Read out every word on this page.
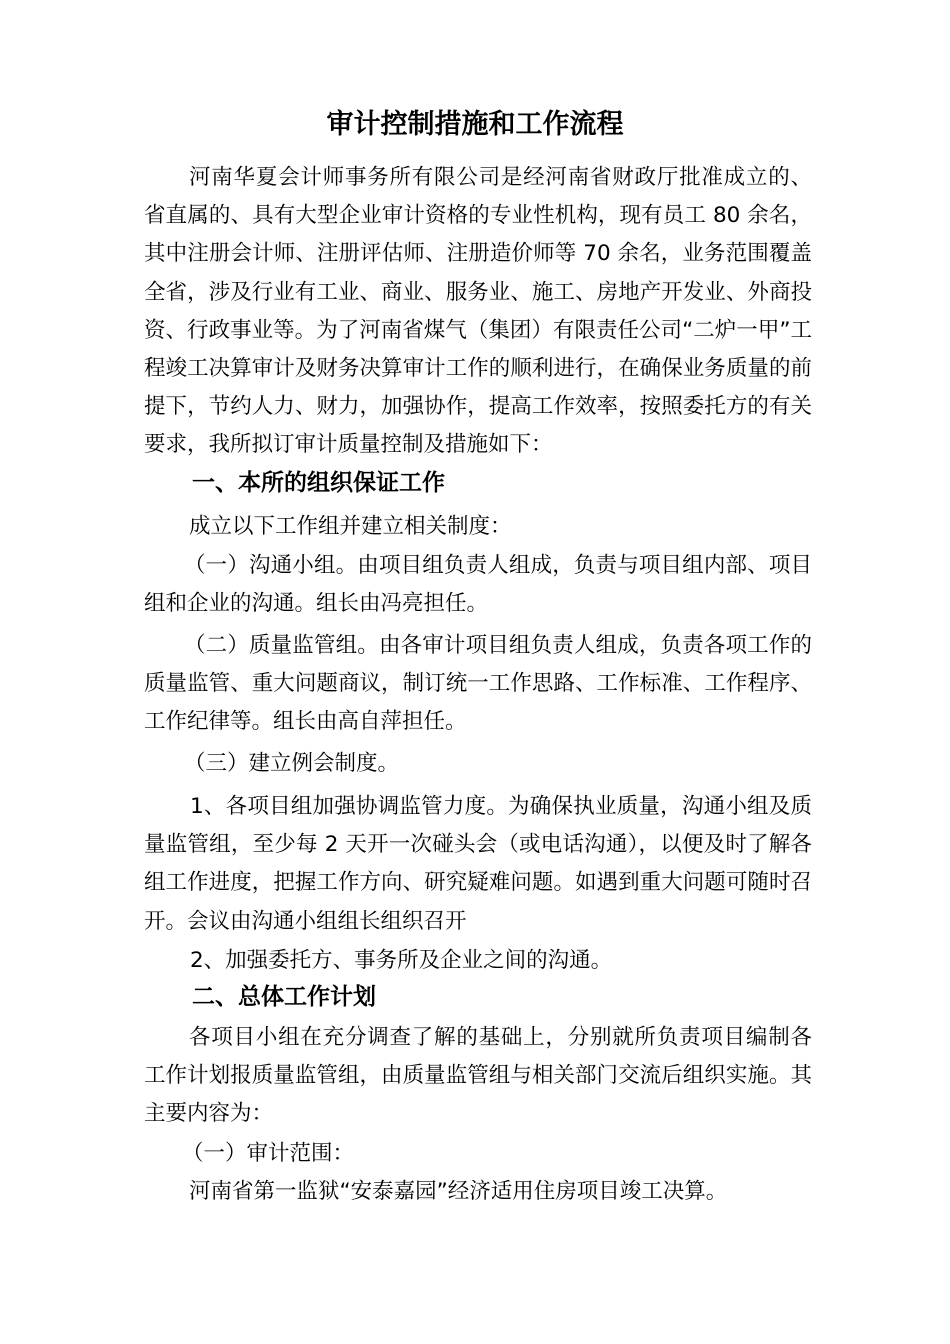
审计控制措施和工作流程

河南华夏会计师事务所有限公司是经河南省财政厅批准成立的、省直属的、具有大型企业审计资格的专业性机构，现有员工 80 余名，其中注册会计师、注册评估师、注册造价师等 70 余名，业务范围覆盖全省，涉及行业有工业、商业、服务业、施工、房地产开发业、外商投资、行政事业等。为了河南省煤气（集团）有限责任公司“二炉一甲”工程竣工决算审计及财务决算审计工作的顺利进行，在确保业务质量的前提下，节约人力、财力，加强协作，提高工作效率，按照委托方的有关要求，我所拟订审计质量控制及措施如下：

一、本所的组织保证工作

成立以下工作组并建立相关制度：

（一）沟通小组。由项目组负责人组成，负责与项目组内部、项目组和企业的沟通。组长由冯亮担任。

（二）质量监管组。由各审计项目组负责人组成，负责各项工作的质量监管、重大问题商议，制订统一工作思路、工作标准、工作程序、工作纪律等。组长由高自萍担任。

（三）建立例会制度。

1、各项目组加强协调监管力度。为确保执业质量，沟通小组及质量监管组，至少每 2 天开一次碰头会（或电话沟通），以便及时了解各组工作进度，把握工作方向、研究疑难问题。如遇到重大问题可随时召开。会议由沟通小组组长组织召开

2、加强委托方、事务所及企业之间的沟通。

二、总体工作计划

各项目小组在充分调查了解的基础上，分别就所负责项目编制各工作计划报质量监管组，由质量监管组与相关部门交流后组织实施。其主要内容为：

（一）审计范围：

河南省第一监狱“安泰嘉园”经济适用住房项目竣工决算。
